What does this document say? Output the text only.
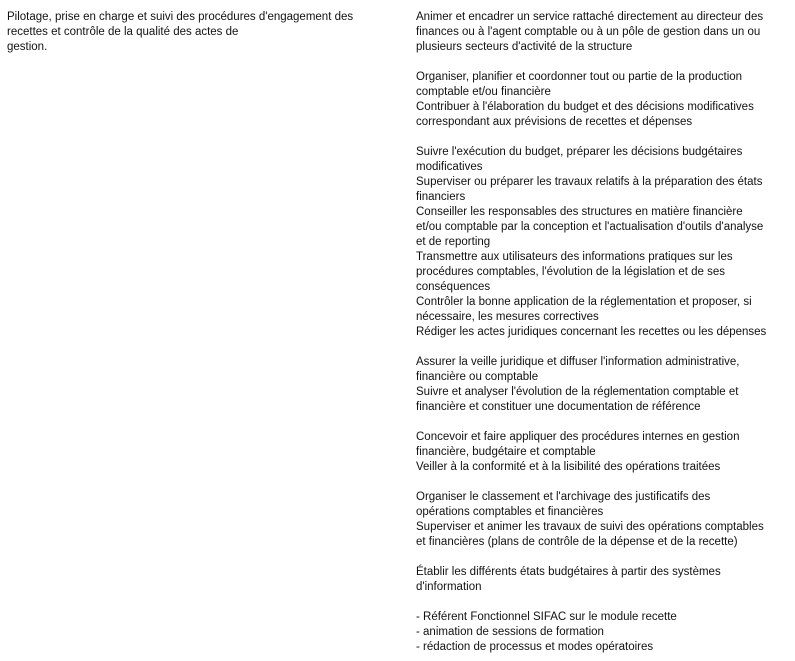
Pilotage, prise en charge et suivi des procédures d'engagement des
recettes et contrôle de la qualité des actes de
gestion.

Animer et encadrer un service rattaché directement au directeur des
finances ou à l'agent comptable ou à un pôle de gestion dans un ou
plusieurs secteurs d'activité de la structure

Organiser, planifier et coordonner tout ou partie de la production
comptable et/ou financière

Contribuer à l'élaboration du budget et des décisions modificatives
correspondant aux prévisions de recettes et dépenses

Suivre l'exécution du budget, préparer les décisions budgétaires
modificatives

Superviser ou préparer les travaux relatifs à la préparation des états
financiers

Conseiller les responsables des structures en matière financière
et/ou comptable par la conception et l'actualisation d'outils d'analyse
et de reporting

Transmettre aux utilisateurs des informations pratiques sur les
procédures comptables, l'évolution de la législation et de ses
conséquences

Contrôler la bonne application de la réglementation et proposer, si
nécessaire, les mesures correctives

Rédiger les actes juridiques concernant les recettes ou les dépenses

Assurer la veille juridique et diffuser l'information administrative,
financière ou comptable

Suivre et analyser l'évolution de la réglementation comptable et
financière et constituer une documentation de référence

Concevoir et faire appliquer des procédures internes en gestion
financière, budgétaire et comptable

Veiller à la conformité et à la lisibilité des opérations traitées

Organiser le classement et l'archivage des justificatifs des
opérations comptables et financières

Superviser et animer les travaux de suivi des opérations comptables
et financières (plans de contrôle de la dépense et de la recette)

Établir les différents états budgétaires à partir des systèmes
d'information

- Référent Fonctionnel SIFAC sur le module recette
- animation de sessions de formation
- rédaction de processus et modes opératoires
